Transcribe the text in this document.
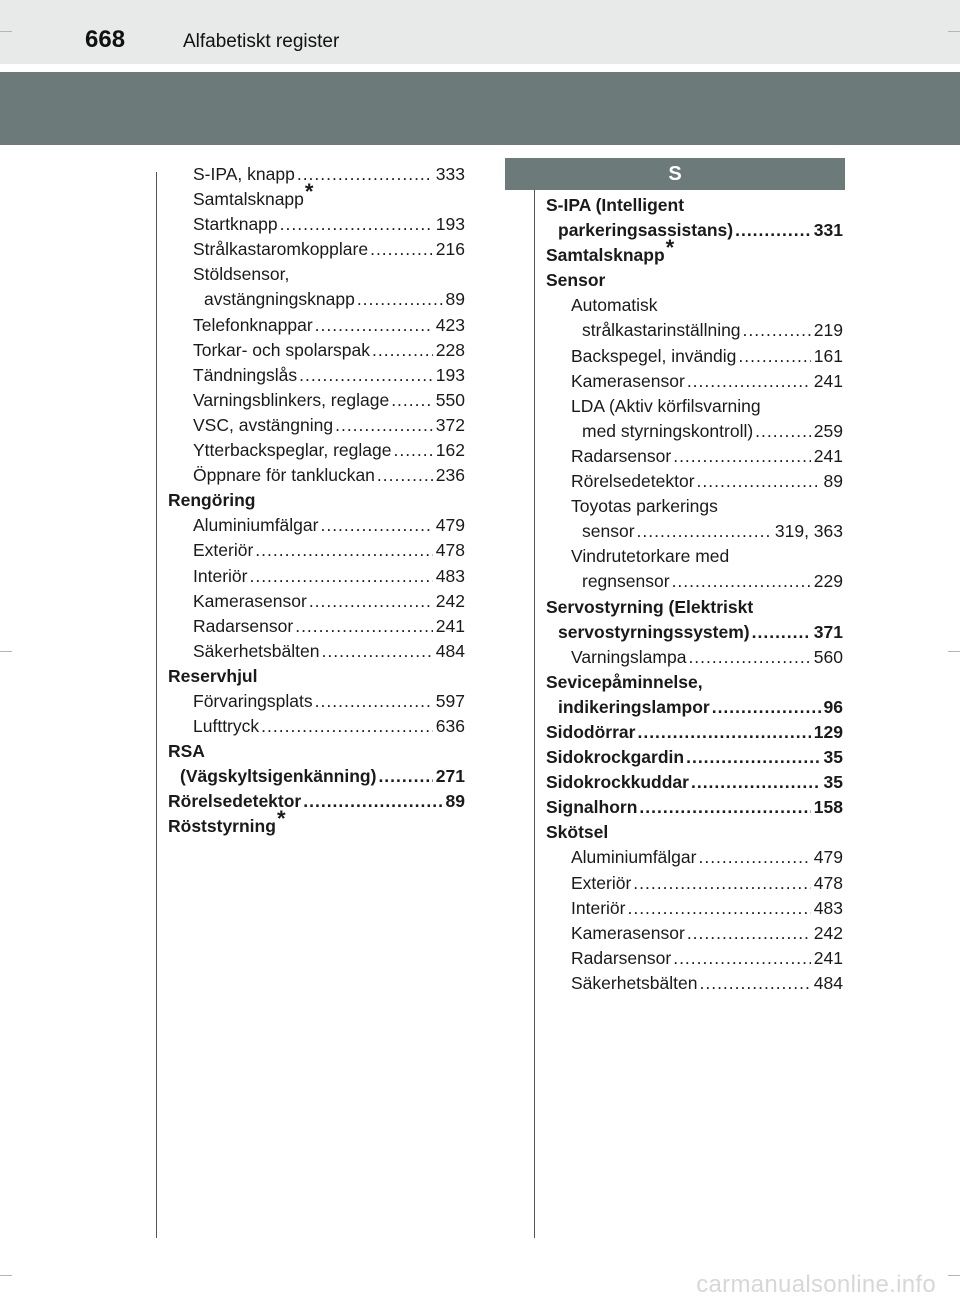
668	Alfabetiskt register
S
S-IPA, knapp .....	333
Samtalsknapp*
Startknapp .....	193
Strålkastaromkopplare .....	216
Stöldsensor,
avstängningsknapp .....	89
Telefonknappar .....	423
Torkar- och spolarspak .....	228
Tändningslås .....	193
Varningsblinkers, reglage .....	550
VSC, avstängning .....	372
Ytterbackspeglar, reglage .....	162
Öppnare för tankluckan .....	236
Rengöring
Aluminiumfälgar .....	479
Exteriör .....	478
Interiör .....	483
Kamerasensor .....	242
Radarsensor .....	241
Säkerhetsbälten .....	484
Reservhjul
Förvaringsplats .....	597
Lufttryck .....	636
RSA
(Vägskyltsigenkänning) .....	271
Rörelsedetektor .....	89
Röststyrning*
S-IPA (Intelligent
parkeringsassistans) .....	331
Samtalsknapp*
Sensor
Automatisk
strålkastarinställning .....	219
Backspegel, invändig .....	161
Kamerasensor .....	241
LDA (Aktiv körfilsvarning
med styrningskontroll) .....	259
Radarsensor .....	241
Rörelsedetektor .....	89
Toyotas parkerings
sensor .....	319, 363
Vindrutetorkare med
regnsensor .....	229
Servostyrning (Elektriskt
servostyrningssystem) .....	371
Varningslampa .....	560
Sevicepåminnelse,
indikeringslampor .....	96
Sidodörrar .....	129
Sidokrockgardin .....	35
Sidokrockkuddar .....	35
Signalhorn .....	158
Skötsel
Aluminiumfälgar .....	479
Exteriör .....	478
Interiör .....	483
Kamerasensor .....	242
Radarsensor .....	241
Säkerhetsbälten .....	484
carmanualsonline.info
